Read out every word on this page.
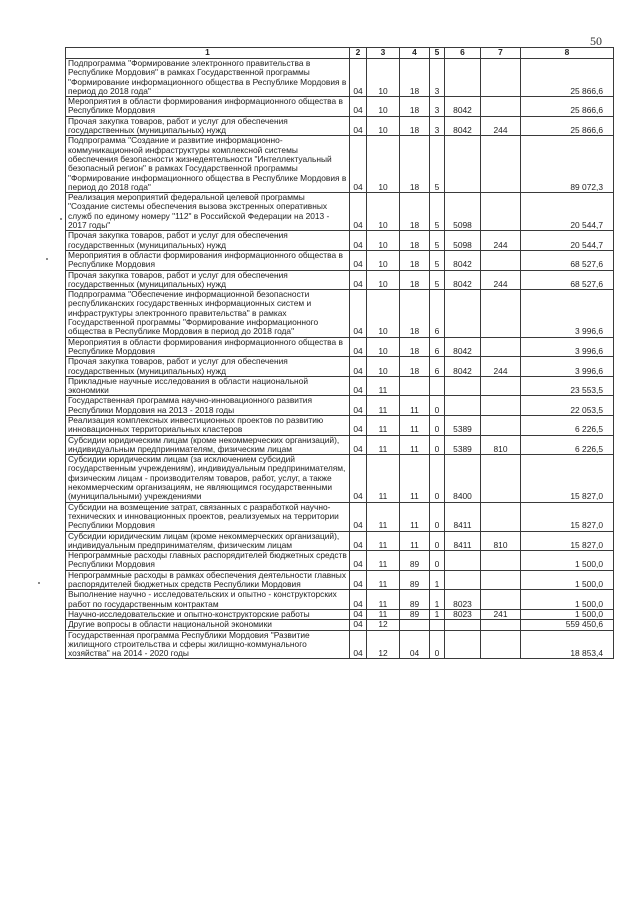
50
1	2	3	4	5	6	7	8
Подпрограмма "Формирование электронного правительства в Республике Мордовия" в рамках Государственной программы "Формирование информационного общества в Республике Мордовия в период до 2018 года"	04	10	18	3			25 866,6
Мероприятия в области формирования информационного общества в Республике Мордовия	04	10	18	3	8042		25 866,6
Прочая закупка товаров, работ и услуг для обеспечения государственных (муниципальных) нужд	04	10	18	3	8042	244	25 866,6
Подпрограмма "Создание и развитие информационно-коммуникационной инфраструктуры комплексной системы обеспечения безопасности жизнедеятельности "Интеллектуальный безопасный регион" в рамках Государственной программы "Формирование информационного общества в Республике Мордовия в период до 2018 года"	04	10	18	5			89 072,3
Реализация мероприятий федеральной целевой программы "Создание системы обеспечения вызова экстренных оперативных служб по единому номеру "112" в Российской Федерации на 2013 - 2017 годы"	04	10	18	5	5098		20 544,7
Прочая закупка товаров, работ и услуг для обеспечения государственных (муниципальных) нужд	04	10	18	5	5098	244	20 544,7
Мероприятия в области формирования информационного общества в Республике Мордовия	04	10	18	5	8042		68 527,6
Прочая закупка товаров, работ и услуг для обеспечения государственных (муниципальных) нужд	04	10	18	5	8042	244	68 527,6
Подпрограмма "Обеспечение информационной безопасности республиканских государственных информационных систем и инфраструктуры электронного правительства" в рамках Государственной программы "Формирование информационного общества в Республике Мордовия в период до 2018 года"	04	10	18	6			3 996,6
Мероприятия в области формирования информационного общества в Республике Мордовия	04	10	18	6	8042		3 996,6
Прочая закупка товаров, работ и услуг для обеспечения государственных (муниципальных) нужд	04	10	18	6	8042	244	3 996,6
Прикладные научные исследования в области национальной экономики	04	11					23 553,5
Государственная программа научно-инновационного развития Республики Мордовия на 2013 - 2018 годы	04	11	11	0			22 053,5
Реализация комплексных инвестиционных проектов по развитию инновационных территориальных кластеров	04	11	11	0	5389		6 226,5
Субсидии юридическим лицам (кроме некоммерческих организаций), индивидуальным предпринимателям, физическим лицам	04	11	11	0	5389	810	6 226,5
Субсидии юридическим лицам (за исключением субсидий государственным учреждениям), индивидуальным предпринимателям, физическим лицам - производителям товаров, работ, услуг, а также некоммерческим организациям, не являющимся государственными (муниципальными) учреждениями	04	11	11	0	8400		15 827,0
Субсидии на возмещение затрат, связанных с разработкой научно-технических и инновационных проектов, реализуемых на территории Республики Мордовия	04	11	11	0	8411		15 827,0
Субсидии юридическим лицам (кроме некоммерческих организаций), индивидуальным предпринимателям, физическим лицам	04	11	11	0	8411	810	15 827,0
Непрограммные расходы главных распорядителей бюджетных средств Республики Мордовия	04	11	89	0			1 500,0
Непрограммные расходы в рамках обеспечения деятельности главных распорядителей бюджетных средств Республики Мордовия	04	11	89	1			1 500,0
Выполнение научно - исследовательских и опытно - конструкторских работ по государственным контрактам	04	11	89	1	8023		1 500,0
Научно-исследовательские и опытно-конструкторские работы	04	11	89	1	8023	241	1 500,0
Другие вопросы в области национальной экономики	04	12					559 450,6
Государственная программа Республики Мордовия "Развитие жилищного строительства и сферы жилищно-коммунального хозяйства" на 2014 - 2020 годы	04	12	04	0			18 853,4
